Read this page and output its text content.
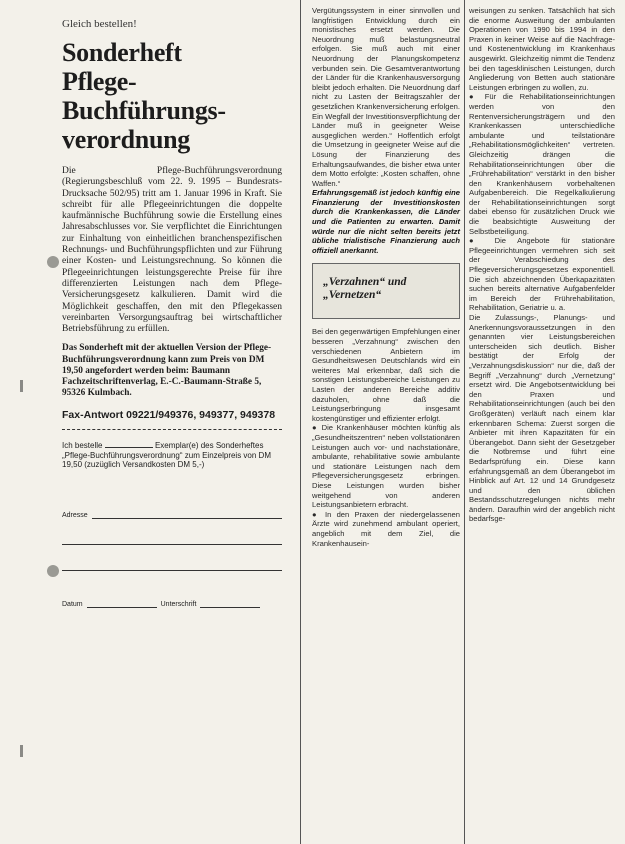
Gleich bestellen!
Sonderheft
Pflege-
Buchführungs-
verordnung

Die Pflege-Buchführungsverordnung (Regierungsbeschluß vom 22. 9. 1995 – Bundesrats-Drucksache 502/95) tritt am 1. Januar 1996 in Kraft. Sie schreibt für alle Pflegeeinrichtungen die doppelte kaufmännische Buchführung sowie die Erstellung eines Jahresabschlusses vor. Sie verpflichtet die Einrichtungen zur Einhaltung von einheitlichen branchenspezifischen Rechnungs- und Buchführungspflichten und zur Führung einer Kosten- und Leistungsrechnung. So können die Pflegeeinrichtungen leistungsgerechte Preise für ihre differenzierten Leistungen nach dem Pflege-Versicherungsgesetz kalkulieren. Damit wird die Möglichkeit geschaffen, den mit den Pflegekassen vereinbarten Versorgungsauftrag bei wirtschaftlicher Betriebsführung zu erfüllen.

Das Sonderheft mit der aktuellen Version der Pflege-Buchführungsverordnung kann zum Preis von DM 19,50 angefordert werden beim: Baumann Fachzeitschriftenverlag, E.-C.-Baumann-Straße 5, 95326 Kulmbach.

Fax-Antwort 09221/949376, 949377, 949378

Ich bestelle	Exemplar(e) des Sonderheftes „Pflege-Buchführungsverordnung“ zum Einzelpreis von DM 19,50 (zuzüglich Versandkosten DM 5,-)

Adresse
Datum	Unterschrift

Vergütungssystem in einer sinnvollen und langfristigen Entwicklung durch ein monistisches ersetzt werden. Die Neuordnung muß belastungsneutral erfolgen. Sie muß auch mit einer Neuordnung der Planungskompetenz verbunden sein. Die Gesamtverantwortung der Länder für die Krankenhausversorgung bleibt jedoch erhalten. Die Neuordnung darf nicht zu Lasten der Beitragszahler der gesetzlichen Krankenversicherung erfolgen. Ein Wegfall der Investitionsverpflichtung der Länder muß in geeigneter Weise ausgeglichen werden.“ Hoffentlich erfolgt die Umsetzung in geeigneter Weise auf die Lösung der Finanzierung des Erhaltungsaufwandes, die bisher etwa unter dem Motto erfolgte: „Kosten schaffen, ohne Waffen.“

Erfahrungsgemäß ist jedoch künftig eine Finanzierung der Investitionskosten durch die Krankenkassen, die Länder und die Patienten zu erwarten. Damit würde nur die nicht selten bereits jetzt übliche trialistische Finanzierung auch offiziell anerkannt.

„Verzahnen“ und „Vernetzen“

Bei den gegenwärtigen Empfehlungen einer besseren „Verzahnung“ zwischen den verschiedenen Anbietern im Gesundheitswesen Deutschlands wird ein weiteres Mal erkennbar, daß sich die sonstigen Leistungsbereiche Leistungen zu Lasten der anderen Bereiche additiv dazuholen, ohne daß die Leistungserbringung insgesamt kostengünstiger und effizienter erfolgt.

● Die Krankenhäuser möchten künftig als „Gesundheitszentren“ neben vollstationären Leistungen auch vor- und nachstationäre, ambulante, rehabilitative sowie ambulante und stationäre Leistungen nach dem Pflegeversicherungsgesetz erbringen. Diese Leistungen wurden bisher weitgehend von anderen Leistungsanbietern erbracht.

● In den Praxen der niedergelassenen Ärzte wird zunehmend ambulant operiert, angeblich mit dem Ziel, die Krankenhausein-

weisungen zu senken. Tatsächlich hat sich die enorme Ausweitung der ambulanten Operationen von 1990 bis 1994 in den Praxen in keiner Weise auf die Nachfrage- und Kostenentwicklung im Krankenhaus ausgewirkt. Gleichzeitig nimmt die Tendenz bei den tagesklinischen Leistungen, durch Angliederung von Betten auch stationäre Leistungen erbringen zu wollen, zu.

● Für die Rehabilitationseinrichtungen werden von den Rentenversicherungsträgern und den Krankenkassen unterschiedliche ambulante und teilstationäre „Rehabilitationsmöglichkeiten“ vertreten. Gleichzeitig drängen die Rehabilitationseinrichtungen über die „Frührehabilitation“ verstärkt in den bisher den Krankenhäusern vorbehaltenen Aufgabenbereich. Die Regelkalkulierung der Rehabilitationseinrichtungen sorgt dabei ebenso für zusätzlichen Druck wie die beabsichtigte Ausweitung der Selbstbeteiligung.

● Die Angebote für stationäre Pflegeeinrichtungen vermehren sich seit der Verabschiedung des Pflegeversicherungsgesetzes exponentiell. Die sich abzeichnenden Überkapazitäten suchen bereits alternative Aufgabenfelder im Bereich der Frührehabilitation, Rehabilitation, Geriatrie u. a.

Die Zulassungs-, Planungs- und Anerkennungsvoraussetzungen in den genannten vier Leistungsbereichen unterscheiden sich deutlich. Bisher bestätigt der Erfolg der „Verzahnungsdiskussion“ nur die, daß der Begriff „Verzahnung“ durch „Vernetzung“ ersetzt wird. Die Angebotsentwicklung bei den Praxen und Rehabilitationseinrichtungen (auch bei den Großgeräten) verläuft nach einem klar erkennbaren Schema: Zuerst sorgen die Anbieter mit ihren Kapazitäten für ein Überangebot. Dann sieht der Gesetzgeber die Notbremse und führt eine Bedarfsprüfung ein. Diese kann erfahrungsgemäß an dem Überangebot im Hinblick auf Art. 12 und 14 Grundgesetz und den üblichen Bestandsschutzregelungen nichts mehr ändern. Daraufhin wird der angeblich nicht bedarfsge-
